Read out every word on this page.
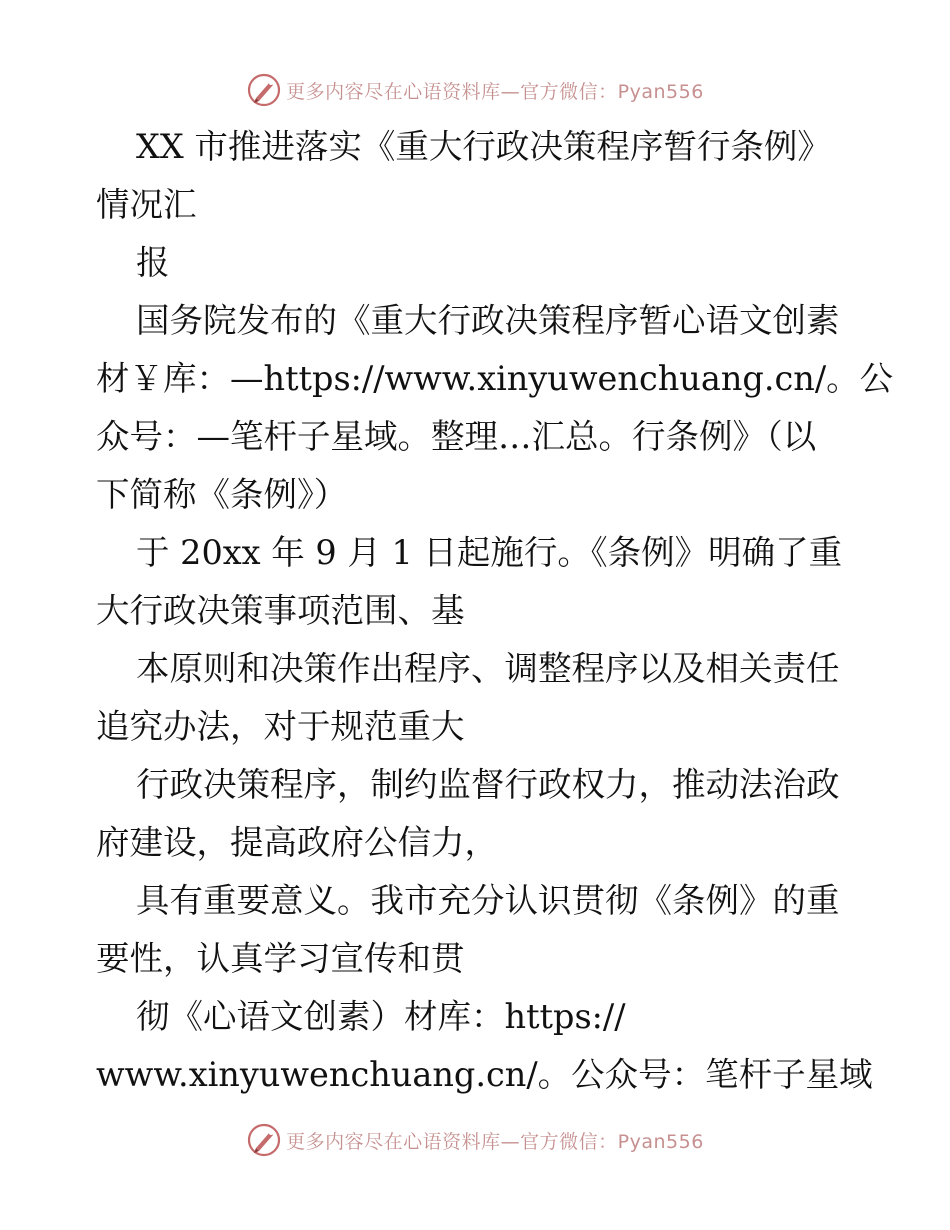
更多内容尽在心语资料库—官方微信：Pyan556
XX 市推进落实《重大行政决策程序暂行条例》
情况汇
报
国务院发布的《重大行政决策程序暂心语文创素
材￥库：—https://www.xinyuwenchuang.cn/。公
众号：—笔杆子星域。整理…汇总。行条例》（以
下简称《条例》）
于 20xx 年 9 月 1 日起施行。《条例》明确了重
大行政决策事项范围、基
本原则和决策作出程序、调整程序以及相关责任
追究办法，对于规范重大
行政决策程序，制约监督行政权力，推动法治政
府建设，提高政府公信力，
具有重要意义。我市充分认识贯彻《条例》的重
要性，认真学习宣传和贯
彻《心语文创素）材库：https://
www.xinyuwenchuang.cn/。公众号：笔杆子星域
更多内容尽在心语资料库—官方微信：Pyan556
